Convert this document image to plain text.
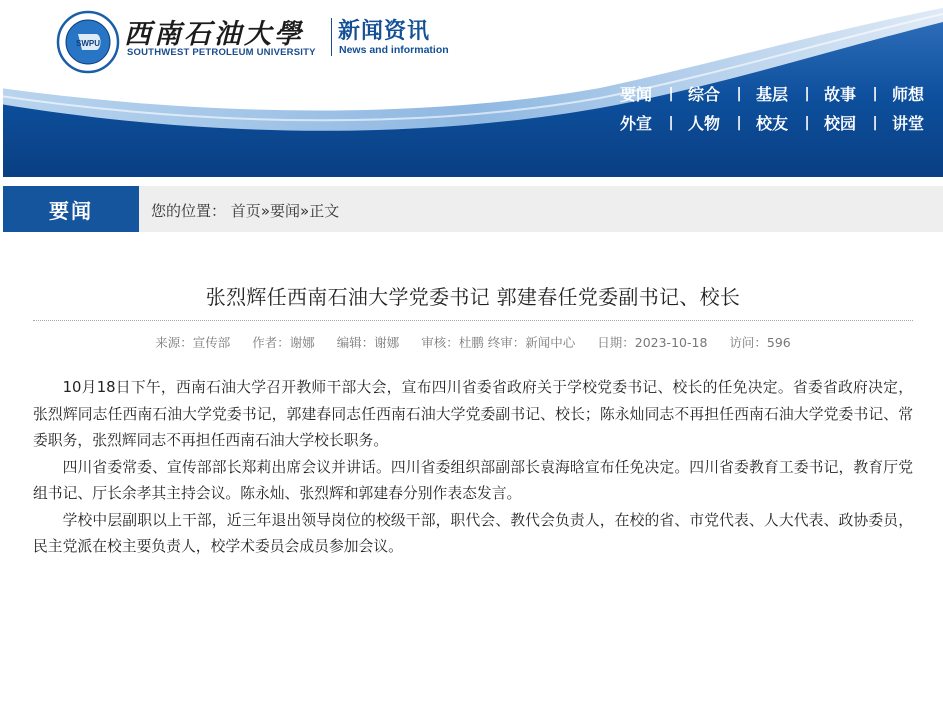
SWPU 西南石油大學
SOUTHWEST PETROLEUM UNIVERSITY
新闻资讯
News and information
要闻	| 综合	| 基层	| 故事	| 师想
外宣	| 人物	| 校友	| 校园	| 讲堂
要闻	您的位置： 首页»要闻»正文
张烈辉任西南石油大学党委书记 郭建春任党委副书记、校长
来源：宣传部 作者：谢娜 编辑：谢娜 审核：杜鹏 终审：新闻中心 日期：2023-10-18 访问：596

10月18日下午，西南石油大学召开教师干部大会，宣布四川省委省政府关于学校党委书记、校长的任免决定。省委省政府决定，张烈辉同志任西南石油大学党委书记，郭建春同志任西南石油大学党委副书记、校长；陈永灿同志不再担任西南石油大学党委书记、常委职务，张烈辉同志不再担任西南石油大学校长职务。

四川省委常委、宣传部部长郑莉出席会议并讲话。四川省委组织部副部长袁海晗宣布任免决定。四川省委教育工委书记，教育厅党组书记、厅长余孝其主持会议。陈永灿、张烈辉和郭建春分别作表态发言。

学校中层副职以上干部，近三年退出领导岗位的校级干部，职代会、教代会负责人，在校的省、市党代表、人大代表、政协委员，民主党派在校主要负责人，校学术委员会成员参加会议。
